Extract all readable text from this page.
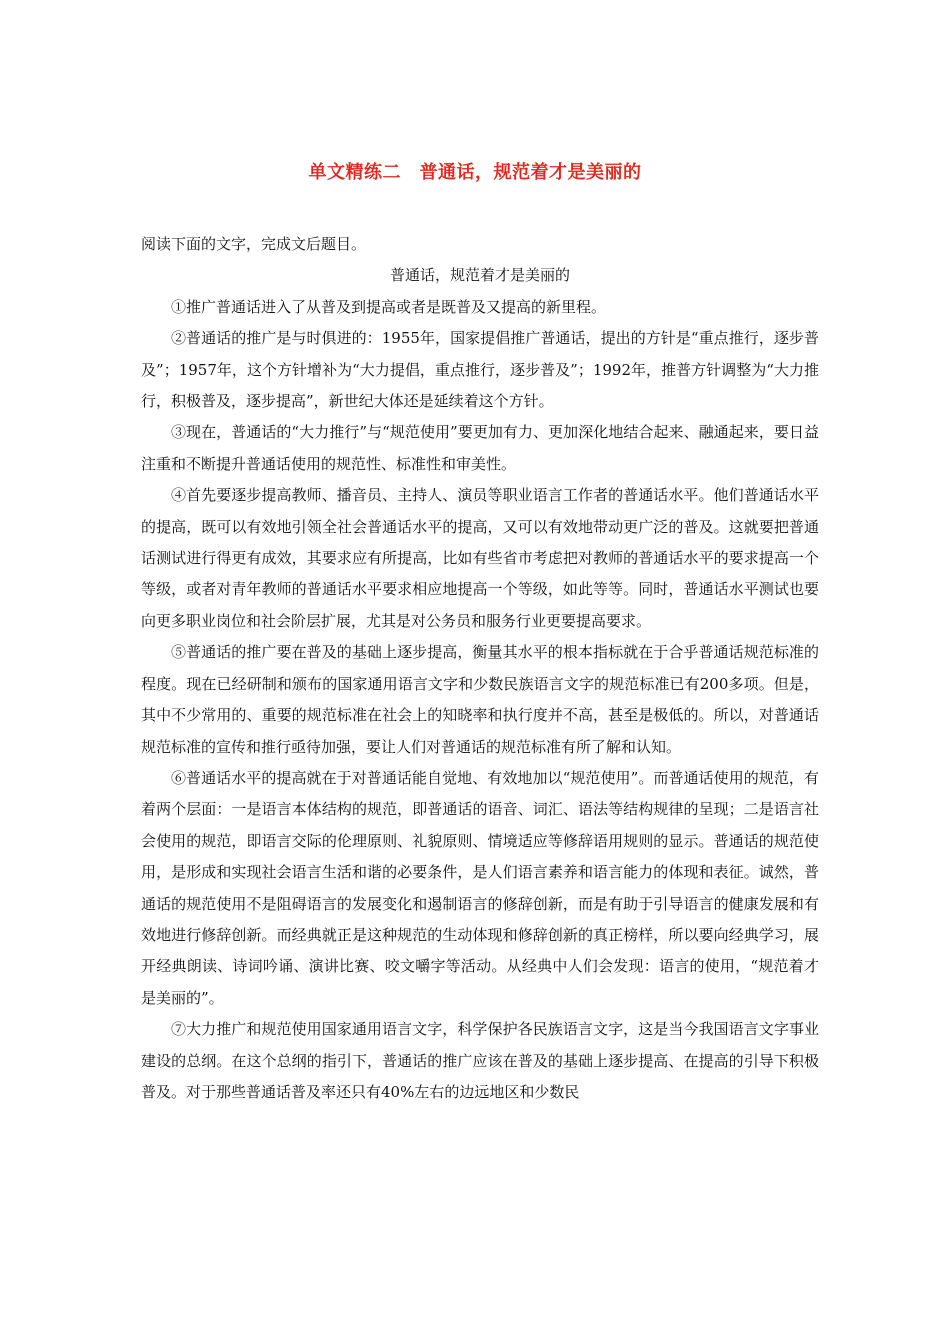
单文精练二　普通话，规范着才是美丽的

阅读下面的文字，完成文后题目。

普通话，规范着才是美丽的

①推广普通话进入了从普及到提高或者是既普及又提高的新里程。

②普通话的推广是与时俱进的：1955年，国家提倡推广普通话，提出的方针是“重点推行，逐步普及”；1957年，这个方针增补为“大力提倡，重点推行，逐步普及”；1992年，推普方针调整为“大力推行，积极普及，逐步提高”，新世纪大体还是延续着这个方针。

③现在，普通话的“大力推行”与“规范使用”要更加有力、更加深化地结合起来、融通起来，要日益注重和不断提升普通话使用的规范性、标准性和审美性。

④首先要逐步提高教师、播音员、主持人、演员等职业语言工作者的普通话水平。他们普通话水平的提高，既可以有效地引领全社会普通话水平的提高，又可以有效地带动更广泛的普及。这就要把普通话测试进行得更有成效，其要求应有所提高，比如有些省市考虑把对教师的普通话水平的要求提高一个等级，或者对青年教师的普通话水平要求相应地提高一个等级，如此等等。同时，普通话水平测试也要向更多职业岗位和社会阶层扩展，尤其是对公务员和服务行业更要提高要求。

⑤普通话的推广要在普及的基础上逐步提高，衡量其水平的根本指标就在于合乎普通话规范标准的程度。现在已经研制和颁布的国家通用语言文字和少数民族语言文字的规范标准已有200多项。但是，其中不少常用的、重要的规范标准在社会上的知晓率和执行度并不高，甚至是极低的。所以，对普通话规范标准的宣传和推行亟待加强，要让人们对普通话的规范标准有所了解和认知。

⑥普通话水平的提高就在于对普通话能自觉地、有效地加以“规范使用”。而普通话使用的规范，有着两个层面：一是语言本体结构的规范，即普通话的语音、词汇、语法等结构规律的呈现；二是语言社会使用的规范，即语言交际的伦理原则、礼貌原则、情境适应等修辞语用规则的显示。普通话的规范使用，是形成和实现社会语言生活和谐的必要条件，是人们语言素养和语言能力的体现和表征。诚然，普通话的规范使用不是阻碍语言的发展变化和遏制语言的修辞创新，而是有助于引导语言的健康发展和有效地进行修辞创新。而经典就正是这种规范的生动体现和修辞创新的真正榜样，所以要向经典学习，展开经典朗读、诗词吟诵、演讲比赛、咬文嚼字等活动。从经典中人们会发现：语言的使用，“规范着才是美丽的”。

⑦大力推广和规范使用国家通用语言文字，科学保护各民族语言文字，这是当今我国语言文字事业建设的总纲。在这个总纲的指引下，普通话的推广应该在普及的基础上逐步提高、在提高的引导下积极普及。对于那些普通话普及率还只有40%左右的边远地区和少数民
